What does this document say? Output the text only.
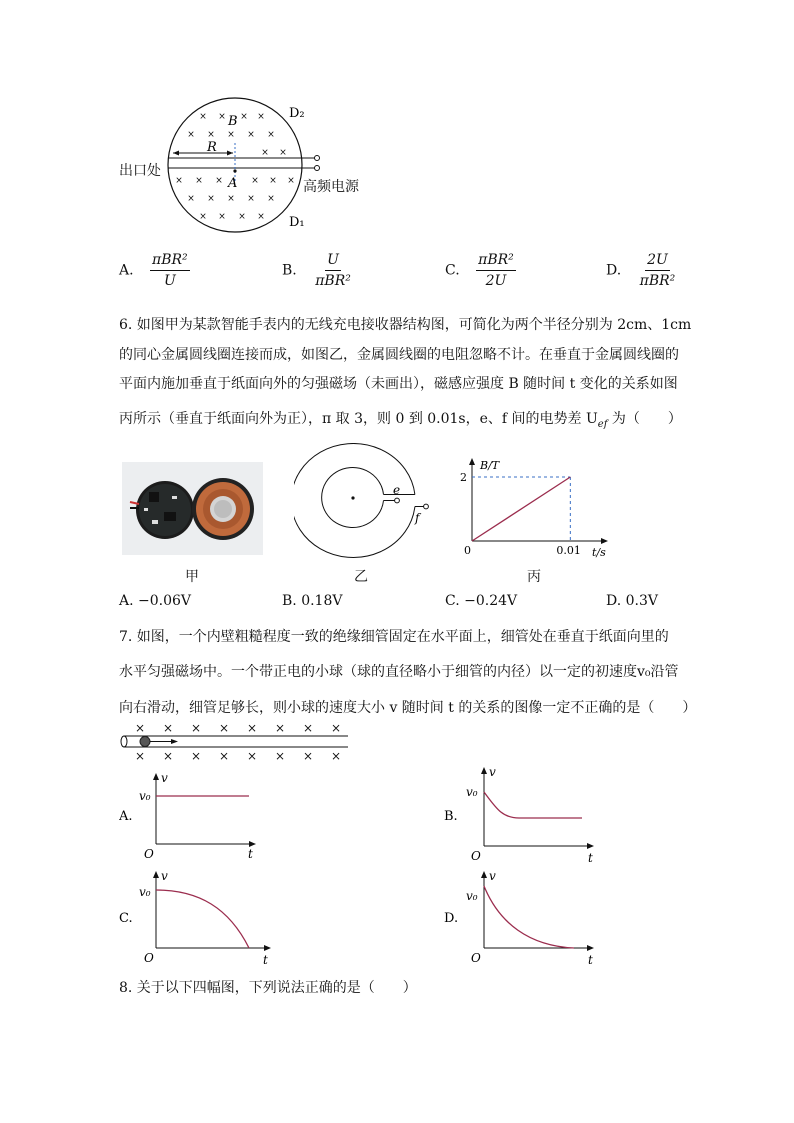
× × × ×
× × × × ×
× ×
× × ×	× × ×
× × × × ×
× × × ×
B
R
A
D₂
D₁
出口处
高频电源
A. $\frac{\text{πBR²}}{U}$	B. $\frac{U}{\text{πBR²}}$	C. $\frac{\text{πBR²}}{2U}$	D. $\frac{2U}{\text{πBR²}}$
6. 如图甲为某款智能手表内的无线充电接收器结构图，可简化为两个半径分别为 2cm、1cm
的同心金属圆线圈连接而成，如图乙，金属圆线圈的电阻忽略不计。在垂直于金属圆线圈的
平面内施加垂直于纸面向外的匀强磁场（未画出），磁感应强度 B 随时间 t 变化的关系如图
丙所示（垂直于纸面向外为正），π 取 3，则 0 到 0.01s，e、f 间的电势差 $U_{ef}$ 为（　　）
甲
e
f
乙
B/T
t/s
2
0.01
0
丙
A. −0.06V	B. 0.18V	C. −0.24V	D. 0.3V
7. 如图，一个内壁粗糙程度一致的绝缘细管固定在水平面上，细管处在垂直于纸面向里的
水平匀强磁场中。一个带正电的小球（球的直径略小于细管的内径）以一定的初速度v₀沿管
向右滑动，细管足够长，则小球的速度大小 v 随时间 t 的关系的图像一定不正确的是（　　）
× × × × × × × ×
× × × × × × × ×
A.
v
v₀
O	t
B.
v
v₀
O	t
C.
v
v₀
O	t
D.
v
v₀
O	t
8. 关于以下四幅图，下列说法正确的是（　　）
